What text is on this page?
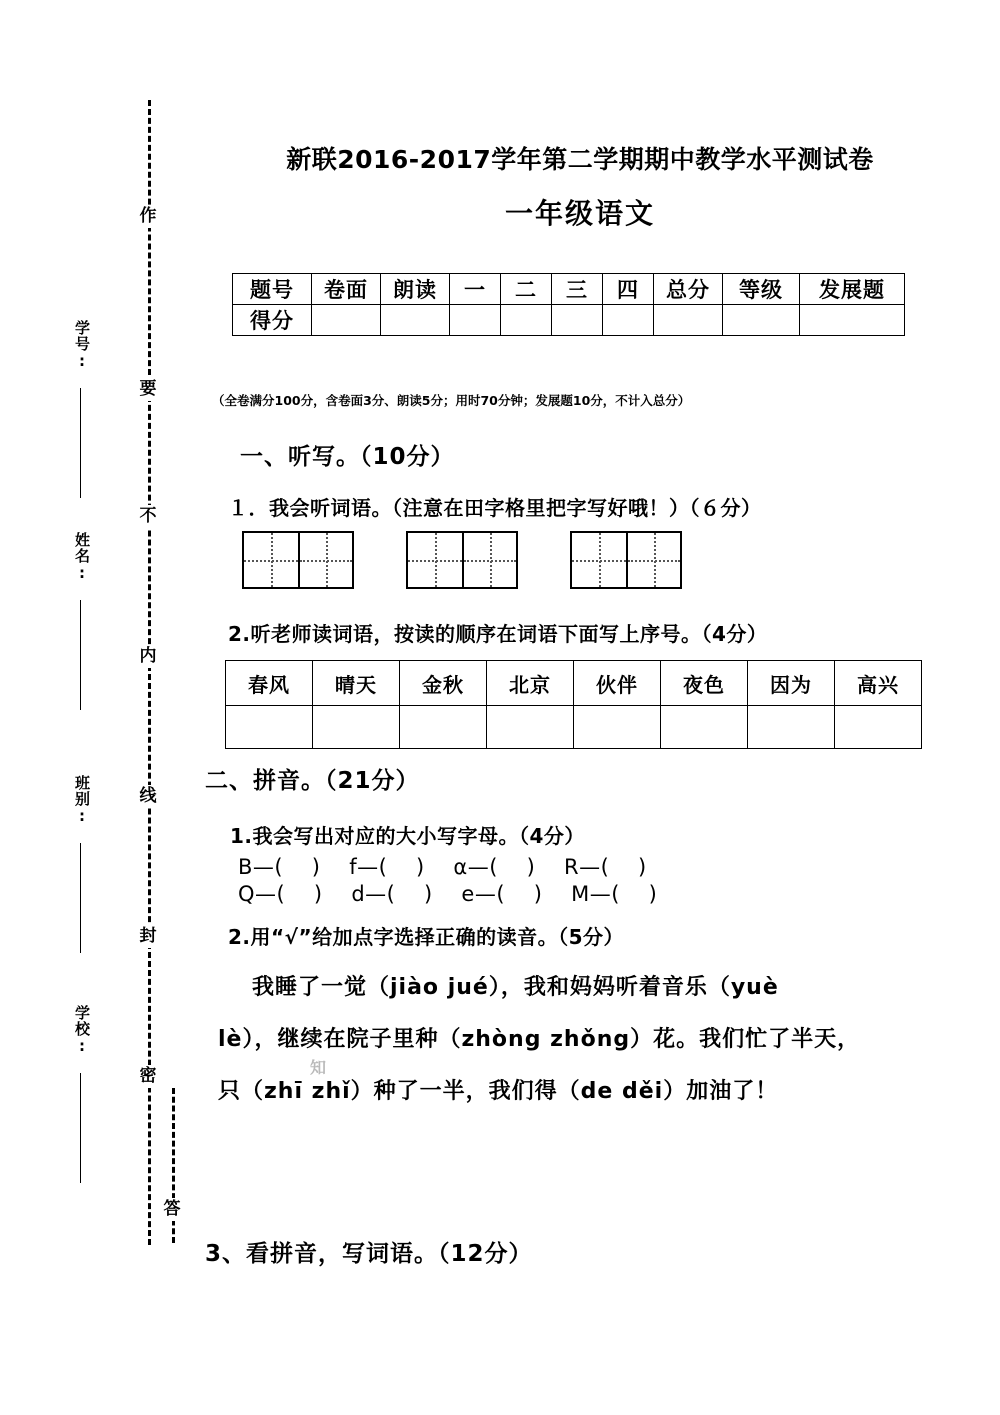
学号:
姓名:
班别:
学校:
作
要
不
内
线
封
密
答
新联2016-2017学年第二学期期中教学水平测试卷
一年级语文
题号	卷面	朗读	一	二	三	四	总分	等级	发展题
得分									
（全卷满分100分，含卷面3分、朗读5分；用时70分钟；发展题10分，不计入总分）
一、听写。（10分）
１．我会听词语。（注意在田字格里把字写好哦！）（６分）
2.听老师读词语，按读的顺序在词语下面写上序号。（4分）
春风	晴天	金秋	北京	伙伴	夜色	因为	高兴

二、拼音。（21分）
1.我会写出对应的大小写字母。（4分）
B—(    )    f—(    )    α—(    )    R—(    )
Q—(    )    d—(    )    e—(    )    M—(    )
2.用“√”给加点字选择正确的读音。（5分）
我睡了一觉（jiào jué），我和妈妈听着音乐（yuè
lè），继续在院子里种（zhòng zhǒng）花。我们忙了半天，
只（zhī zhǐ）种了一半，我们得（de děi）加油了！
知
3、看拼音，写词语。（12分）
